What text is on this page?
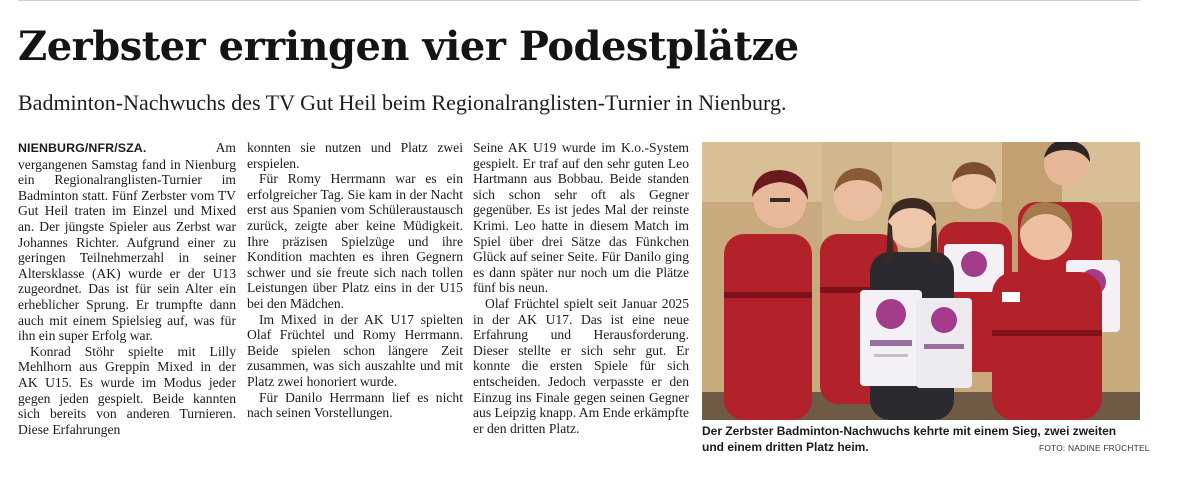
Zerbster erringen vier Podestplätze
Badminton-Nachwuchs des TV Gut Heil beim Regionalranglisten-Turnier in Nienburg.

NIENBURG/NFR/SZA.	Am vergangenen Samstag fand in Nienburg ein Regionalranglisten-Turnier im Badminton statt. Fünf Zerbster vom TV Gut Heil traten im Einzel und Mixed an. Der jüngste Spieler aus Zerbst war Johannes Richter. Aufgrund einer zu geringen Teilnehmerzahl in seiner Altersklasse (AK) wurde er der U13 zugeordnet. Das ist für sein Alter ein erheblicher Sprung. Er trumpfte dann auch mit einem Spielsieg auf, was für ihn ein super Erfolg war.

Konrad Stöhr spielte mit Lilly Mehlhorn aus Greppin Mixed in der AK U15. Es wurde im Modus jeder gegen jeden gespielt. Beide kannten sich bereits von anderen Turnieren. Diese Erfahrungen

konnten sie nutzen und Platz zwei erspielen.

Für Romy Herrmann war es ein erfolgreicher Tag. Sie kam in der Nacht erst aus Spanien vom Schüleraustausch zurück, zeigte aber keine Müdigkeit. Ihre präzisen Spielzüge und ihre Kondition machten es ihren Gegnern schwer und sie freute sich nach tollen Leistungen über Platz eins in der U15 bei den Mädchen.

Im Mixed in der AK U17 spielten Olaf Früchtel und Romy Herrmann. Beide spielen schon längere Zeit zusammen, was sich auszahlte und mit Platz zwei honoriert wurde.

Für Danilo Herrmann lief es nicht nach seinen Vorstellungen.

Seine AK U19 wurde im K.o.-System gespielt. Er traf auf den sehr guten Leo Hartmann aus Bobbau. Beide standen sich schon sehr oft als Gegner gegenüber. Es ist jedes Mal der reinste Krimi. Leo hatte in diesem Match im Spiel über drei Sätze das Fünkchen Glück auf seiner Seite. Für Danilo ging es dann später nur noch um die Plätze fünf bis neun.

Olaf Früchtel spielt seit Januar 2025 in der AK U17. Das ist eine neue Erfahrung und Herausforderung. Dieser stellte er sich sehr gut. Er konnte die ersten Spiele für sich entscheiden. Jedoch verpasste er den Einzug ins Finale gegen seinen Gegner aus Leipzig knapp. Am Ende erkämpfte er den dritten Platz.	Der Zerbster Badminton-Nachwuchs kehrte mit einem Sieg, zwei zweiten und einem dritten Platz heim.	FOTO: NADINE FRÜCHTEL
